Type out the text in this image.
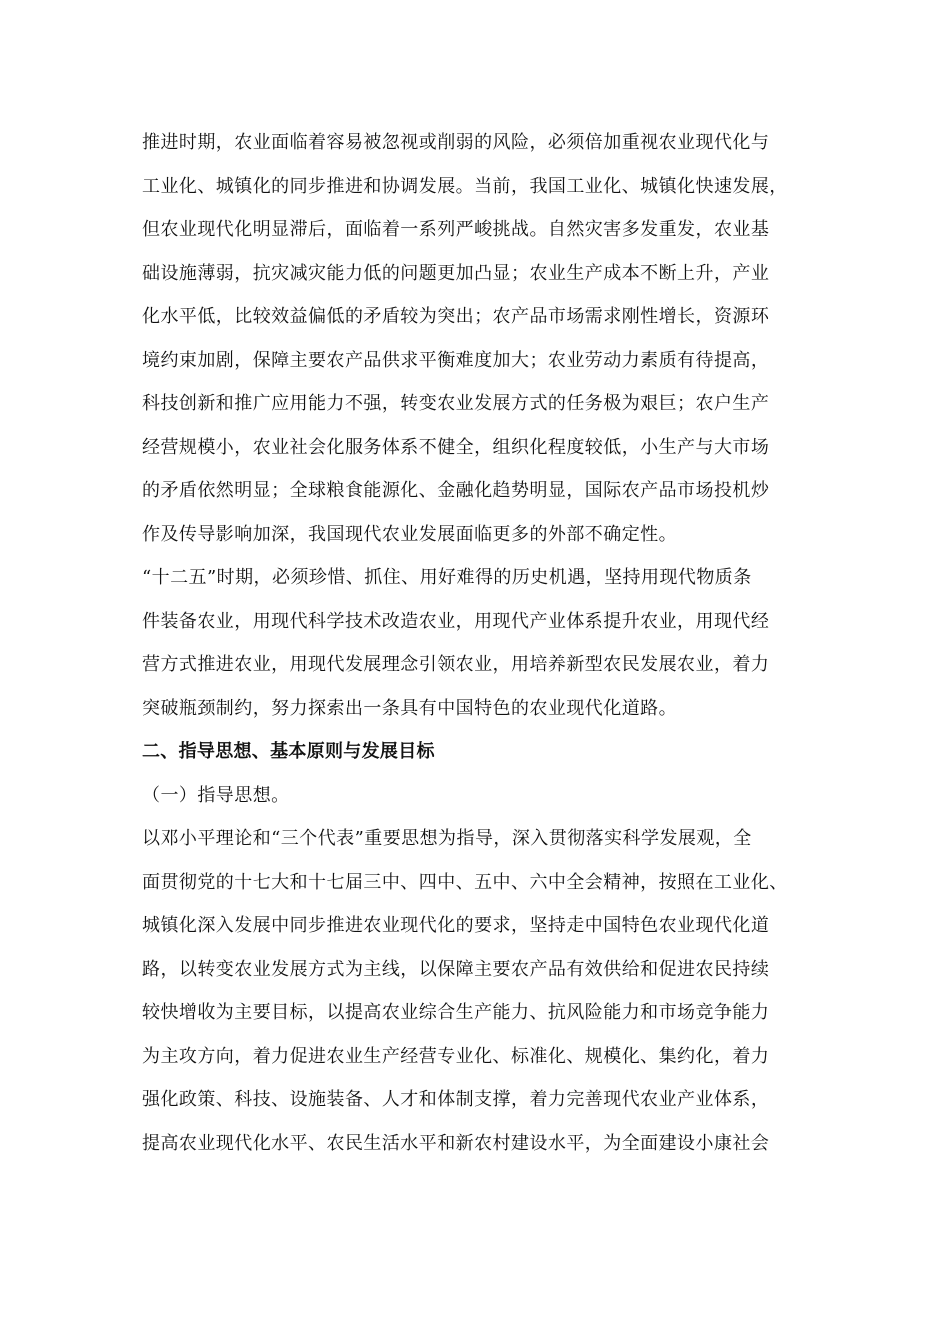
推进时期，农业面临着容易被忽视或削弱的风险，必须倍加重视农业现代化与
工业化、城镇化的同步推进和协调发展。当前，我国工业化、城镇化快速发展，
但农业现代化明显滞后，面临着一系列严峻挑战。自然灾害多发重发，农业基
础设施薄弱，抗灾减灾能力低的问题更加凸显；农业生产成本不断上升，产业
化水平低，比较效益偏低的矛盾较为突出；农产品市场需求刚性增长，资源环
境约束加剧，保障主要农产品供求平衡难度加大；农业劳动力素质有待提高，
科技创新和推广应用能力不强，转变农业发展方式的任务极为艰巨；农户生产
经营规模小，农业社会化服务体系不健全，组织化程度较低，小生产与大市场
的矛盾依然明显；全球粮食能源化、金融化趋势明显，国际农产品市场投机炒
作及传导影响加深，我国现代农业发展面临更多的外部不确定性。
“十二五”时期，必须珍惜、抓住、用好难得的历史机遇，坚持用现代物质条
件装备农业，用现代科学技术改造农业，用现代产业体系提升农业，用现代经
营方式推进农业，用现代发展理念引领农业，用培养新型农民发展农业，着力
突破瓶颈制约，努力探索出一条具有中国特色的农业现代化道路。
二、指导思想、基本原则与发展目标
（一）指导思想。
以邓小平理论和“三个代表”重要思想为指导，深入贯彻落实科学发展观，全
面贯彻党的十七大和十七届三中、四中、五中、六中全会精神，按照在工业化、
城镇化深入发展中同步推进农业现代化的要求，坚持走中国特色农业现代化道
路，以转变农业发展方式为主线，以保障主要农产品有效供给和促进农民持续
较快增收为主要目标，以提高农业综合生产能力、抗风险能力和市场竞争能力
为主攻方向，着力促进农业生产经营专业化、标准化、规模化、集约化，着力
强化政策、科技、设施装备、人才和体制支撑，着力完善现代农业产业体系，
提高农业现代化水平、农民生活水平和新农村建设水平，为全面建设小康社会
